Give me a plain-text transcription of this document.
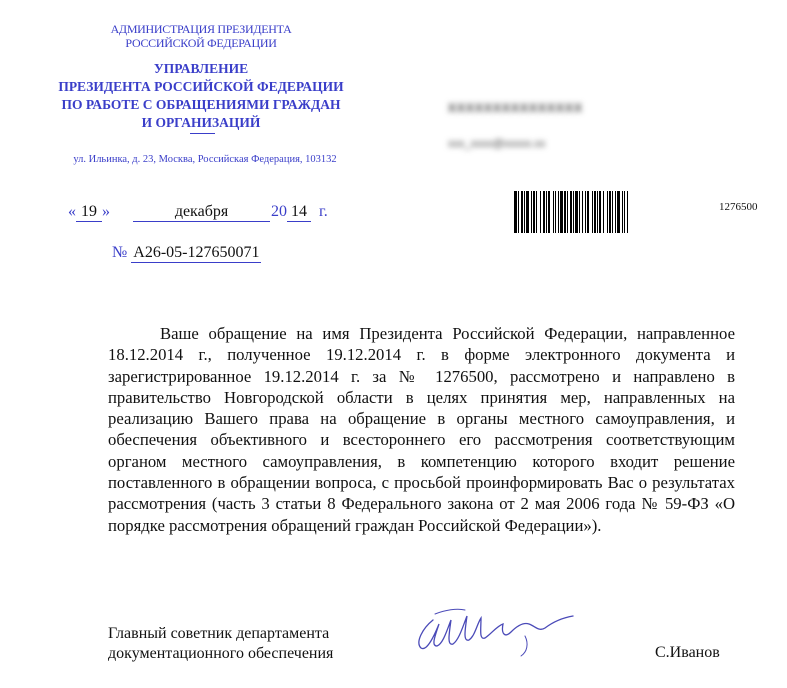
АДМИНИСТРАЦИЯ ПРЕЗИДЕНТА
РОССИЙСКОЙ ФЕДЕРАЦИИ
УПРАВЛЕНИЕ
ПРЕЗИДЕНТА РОССИЙСКОЙ ФЕДЕРАЦИИ
ПО РАБОТЕ С ОБРАЩЕНИЯМИ ГРАЖДАН
И ОРГАНИЗАЦИЙ
ул. Ильинка, д. 23, Москва, Российская Федерация, 103132
XXXXXXXXXXXXXXX
xxx_xxxx@xxxxx.xx
« 19 »	декабря	20 14 г.
№ А26-05-127650071
1276500
Ваше обращение на имя Президента Российской Федерации, направленное 18.12.2014 г., полученное 19.12.2014 г. в форме электронного документа и зарегистрированное 19.12.2014 г. за № 1276500, рассмотрено и направлено в правительство Новгородской области в целях принятия мер, направленных на реализацию Вашего права на обращение в органы местного самоуправления, и обеспечения объективного и всестороннего его рассмотрения соответствующим органом местного самоуправления, в компетенцию которого входит решение поставленного в обращении вопроса, с просьбой проинформировать Вас о результатах рассмотрения (часть 3 статьи 8 Федерального закона от 2 мая 2006 года № 59-ФЗ «О порядке рассмотрения обращений граждан Российской Федерации»).
Главный советник департамента
документационного обеспечения	С.Иванов
